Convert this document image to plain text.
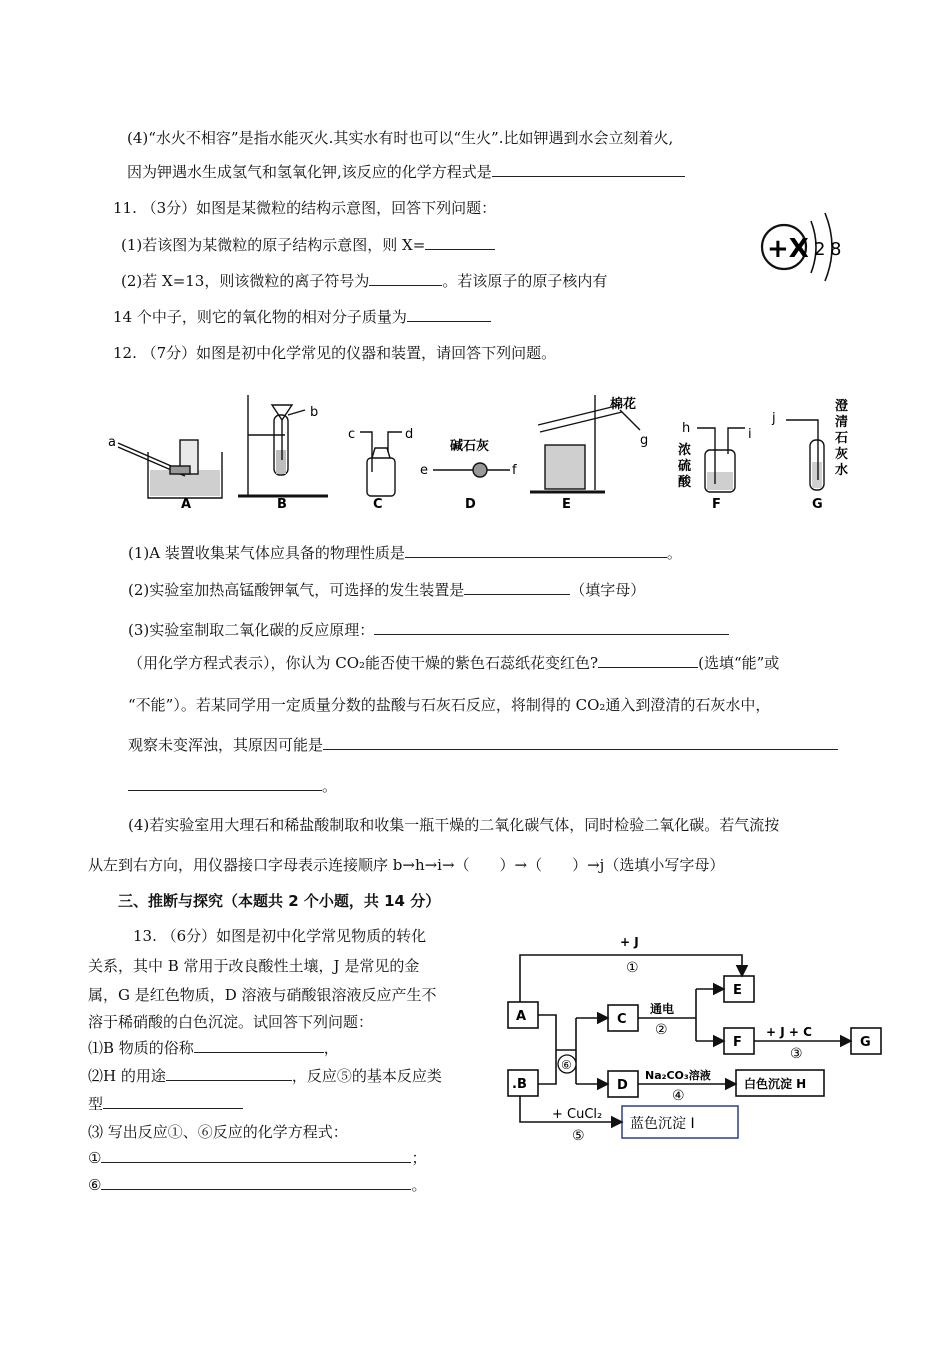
(4)“水火不相容”是指水能灭火.其实水有时也可以“生火”.比如钾遇到水会立刻着火,
因为钾遇水生成氢气和氢氧化钾,该反应的化学方程式是
11. （3分）如图是某微粒的结构示意图，回答下列问题：
(1)若该图为某微粒的原子结构示意图，则 X=
(2)若 X=13，则该微粒的离子符号为	。若该原子的原子核内有
14 个中子，则它的氧化物的相对分子质量为
+X 2 8
12. （7分）如图是初中化学常见的仪器和装置，请回答下列问题。
a
b
c	d
e	f
g
h	i
j
碱石灰
棉花
浓
硫
酸
澄
清
石
灰
水
A	B	C	D	E	F	G
(1)A 装置收集某气体应具备的物理性质是	。
(2)实验室加热高锰酸钾氧气，可选择的发生装置是	（填字母）
(3)实验室制取二氧化碳的反应原理：
（用化学方程式表示），你认为 CO₂能否使干燥的紫色石蕊纸花变红色?	(选填“能”或
“不能”）。若某同学用一定质量分数的盐酸与石灰石反应，将制得的 CO₂通入到澄清的石灰水中，
观察未变浑浊，其原因可能是
。
(4)若实验室用大理石和稀盐酸制取和收集一瓶干燥的二氧化碳气体，同时检验二氧化碳。若气流按
从左到右方向，用仪器接口字母表示连接顺序 b→h→i→（　　）→（　　）→j（选填小写字母）
三、推断与探究（本题共 2 个小题，共 14 分）
13. （6分）如图是初中化学常见物质的转化
关系，其中 B 常用于改良酸性土壤，J 是常见的金
属，G 是红色物质，D 溶液与硝酸银溶液反应产生不
溶于稀硝酸的白色沉淀。试回答下列问题：
⑴B 物质的俗称	，
⑵H 的用途	，反应⑤的基本反应类
型
⑶ 写出反应①、⑥反应的化学方程式：
①	；
⑥	。
+ J
①
A
.B
C
E
F	G
D
通电
②	+ J + C
③
⑥
Na₂CO₃溶液
④
白色沉淀 H
+ CuCl₂
⑤
蓝色沉淀 I
